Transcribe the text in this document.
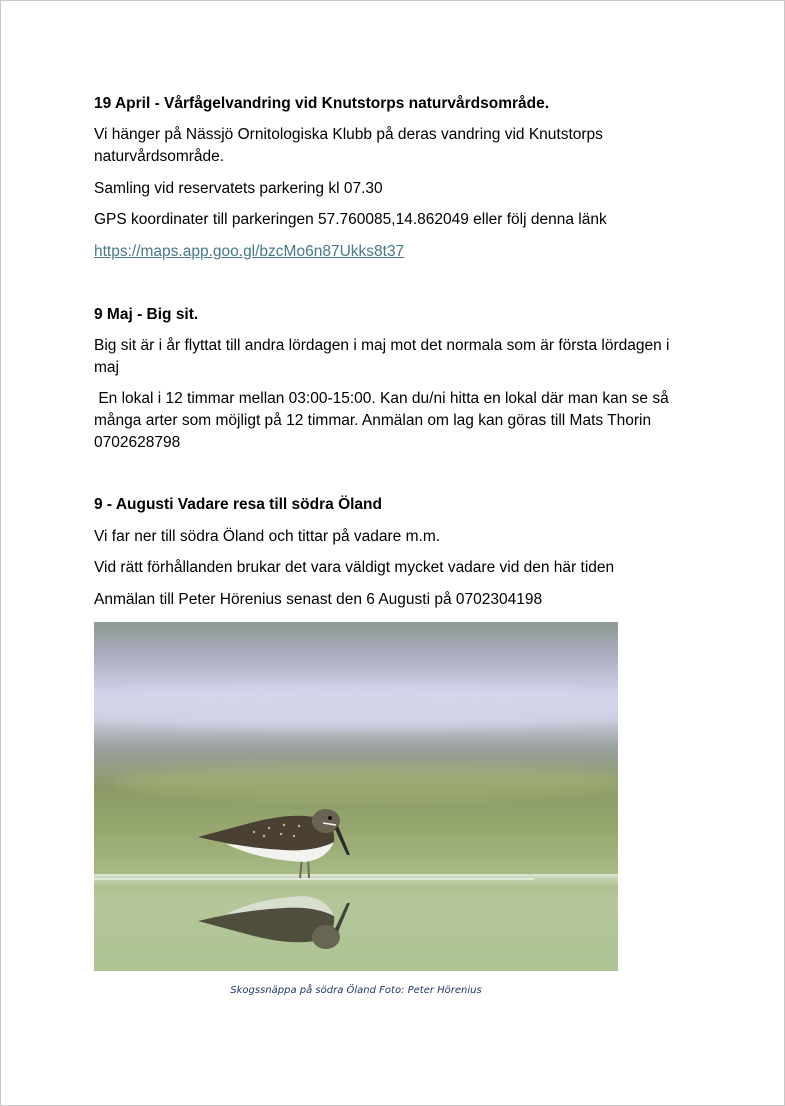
19 April - Vårfågelvandring vid Knutstorps naturvårdsområde.
Vi hänger på Nässjö Ornitologiska Klubb på deras vandring vid Knutstorps naturvårdsområde.
Samling vid reservatets parkering kl 07.30
GPS koordinater till parkeringen 57.760085,14.862049 eller följ denna länk
https://maps.app.goo.gl/bzcMo6n87Ukks8t37
9 Maj - Big sit.
Big sit är i år flyttat till andra lördagen i maj mot det normala som är första lördagen i maj
En lokal i 12 timmar mellan 03:00-15:00. Kan du/ni hitta en lokal där man kan se så många arter som möjligt på 12 timmar. Anmälan om lag kan göras till Mats Thorin 0702628798
9 - Augusti Vadare resa till södra Öland
Vi far ner till södra Öland och tittar på vadare m.m.
Vid rätt förhållanden brukar det vara väldigt mycket vadare vid den här tiden
Anmälan till Peter Hörenius senast den 6 Augusti på 0702304198
Skogssnäppa på södra Öland Foto: Peter Hörenius
